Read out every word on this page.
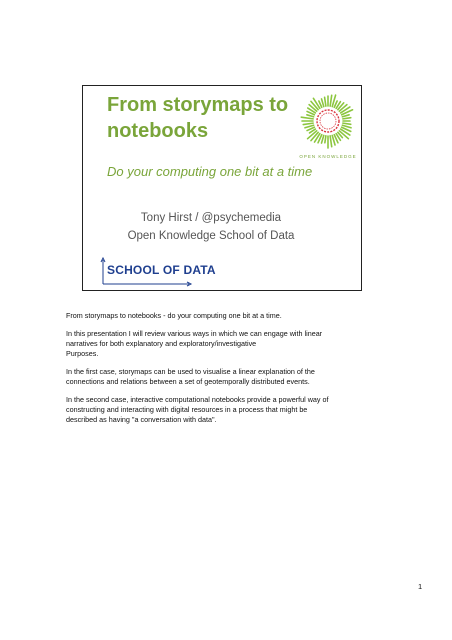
From storymaps to notebooks
OPEN KNOWLEDGE
Do your computing one bit at a time
Tony Hirst / @psychemedia
Open Knowledge School of Data
SCHOOL OF DATA

From storymaps to notebooks - do your computing one bit at a time.

In this presentation I will review various ways in which we can engage with linear
narratives for both explanatory and exploratory/investigative
Purposes.

In the first case, storymaps can be used to visualise a linear explanation of the
connections and relations between a set of geotemporally distributed events.

In the second case, interactive computational notebooks provide a powerful way of
constructing and interacting with digital resources in a process that might be
described as having "a conversation with data".

1
